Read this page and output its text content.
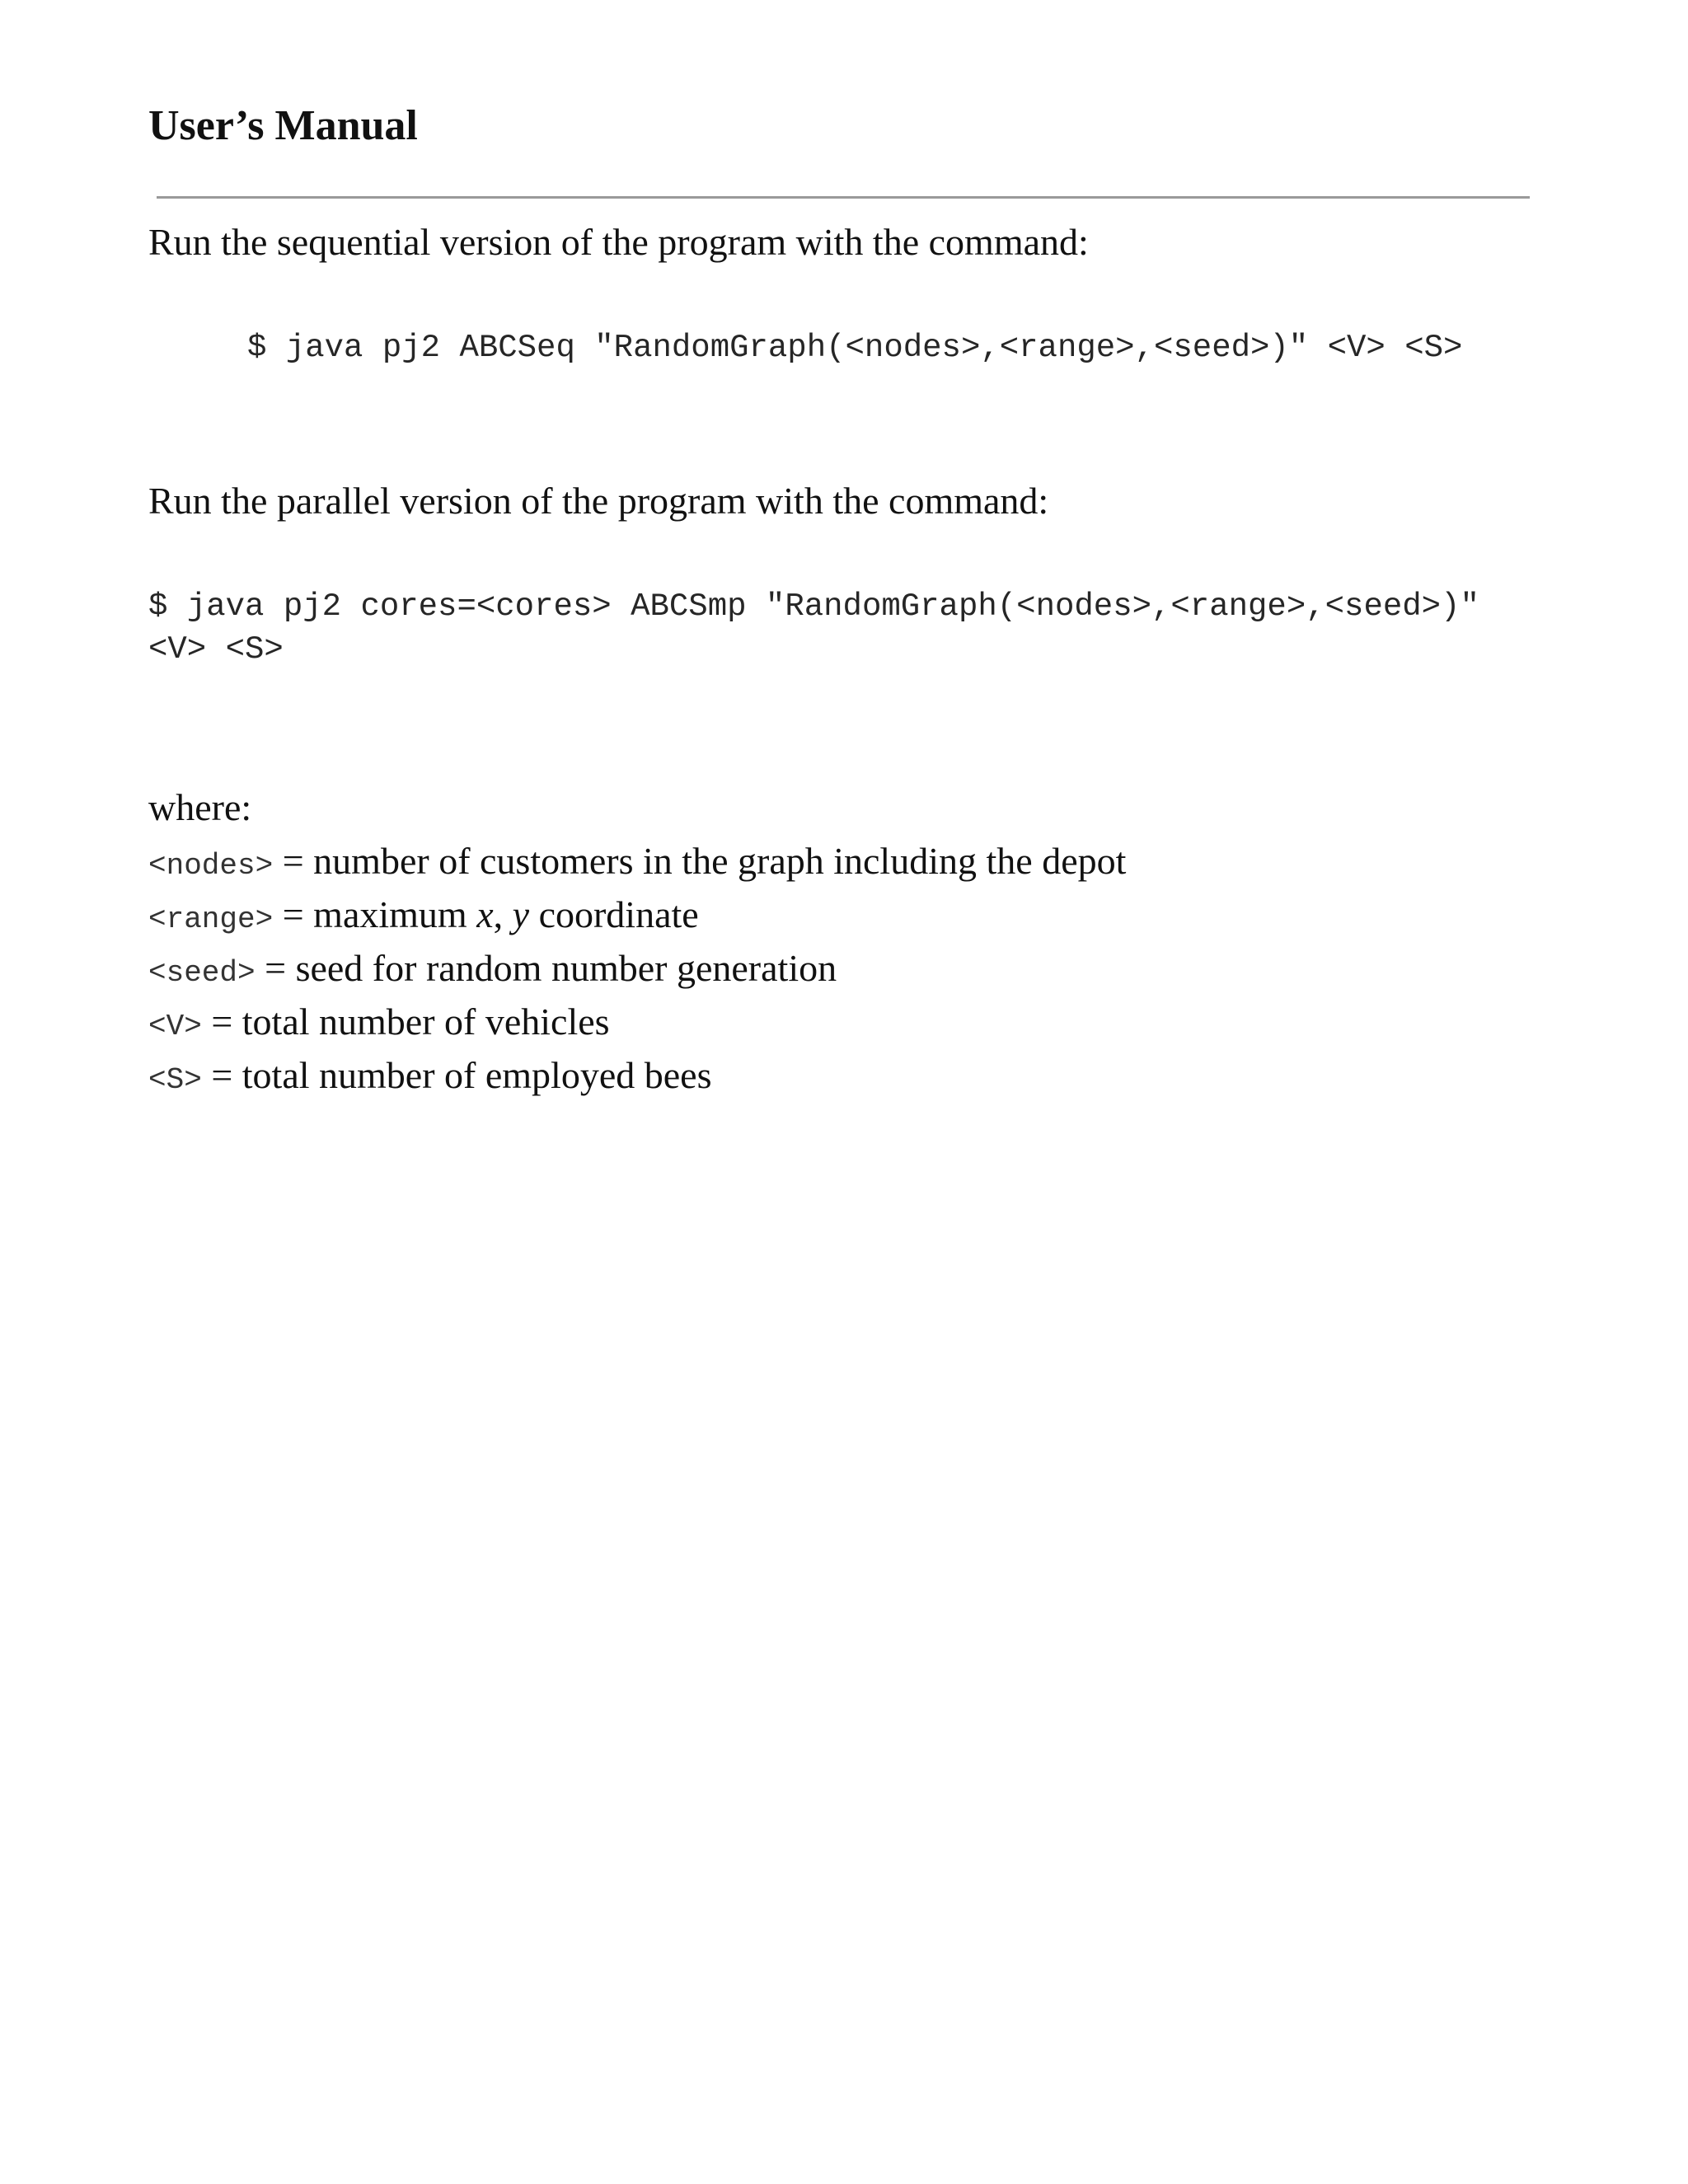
User’s Manual
Run the sequential version of the program with the command:
$ java pj2 ABCSeq "RandomGraph(<nodes>,<range>,<seed>)" <V> <S>
Run the parallel version of the program with the command:
$ java pj2 cores=<cores> ABCSmp "RandomGraph(<nodes>,<range>,<seed>)"
<V> <S>
where:
<nodes> = number of customers in the graph including the depot
<range> = maximum x, y coordinate
<seed> = seed for random number generation
<V> = total number of vehicles
<S> = total number of employed bees
